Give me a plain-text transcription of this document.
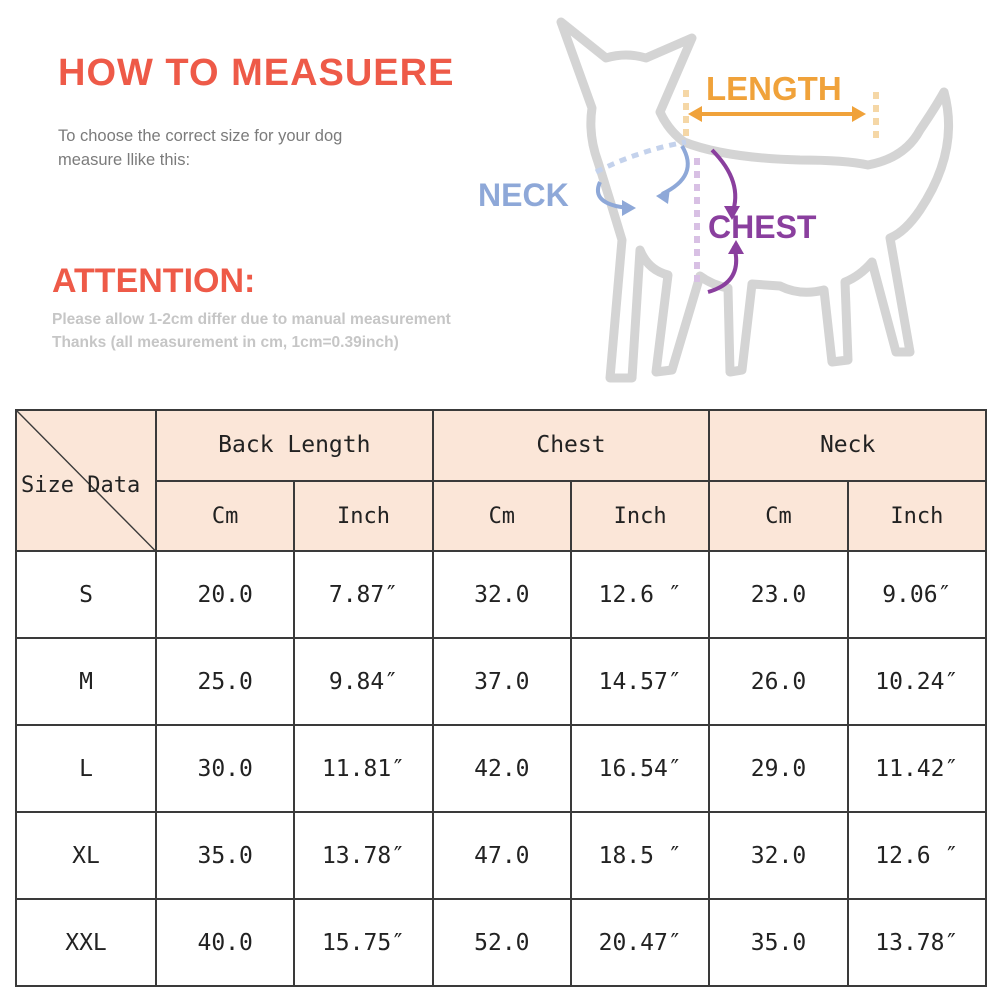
HOW TO MEASUERE
To choose the correct size for your dog
measure llike this:
ATTENTION:
Please allow 1-2cm differ due to manual measurement
Thanks (all measurement in cm, 1cm=0.39inch)
LENGTH
NECK
CHEST
Size Data	Back Length		Chest		Neck	
	Cm	Inch	Cm	Inch	Cm	Inch
S	20.0	7.87″	32.0	12.6 ″	23.0	9.06″
M	25.0	9.84″	37.0	14.57″	26.0	10.24″
L	30.0	11.81″	42.0	16.54″	29.0	11.42″
XL	35.0	13.78″	47.0	18.5 ″	32.0	12.6 ″
XXL	40.0	15.75″	52.0	20.47″	35.0	13.78″
